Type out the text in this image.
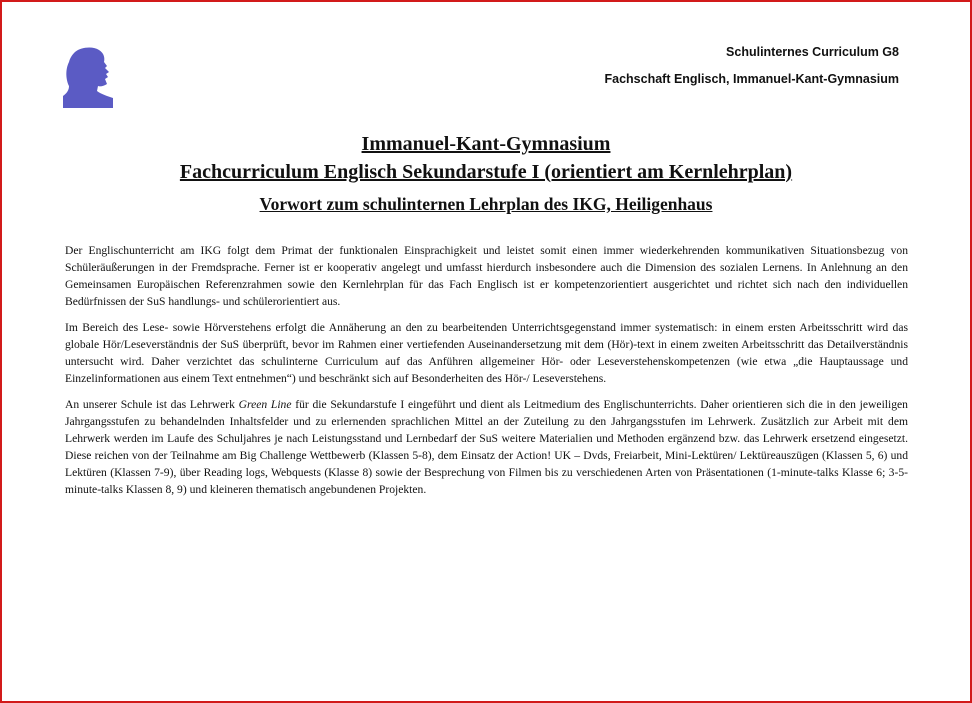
Schulinternes Curriculum G8
Fachschaft Englisch, Immanuel-Kant-Gymnasium
Immanuel-Kant-Gymnasium
Fachcurriculum Englisch Sekundarstufe I (orientiert am Kernlehrplan)
Vorwort zum schulinternen Lehrplan des IKG, Heiligenhaus

Der Englischunterricht am IKG folgt dem Primat der funktionalen Einsprachigkeit und leistet somit einen immer wiederkehrenden kommunikativen Situationsbezug von Schüleräußerungen in der Fremdsprache. Ferner ist er kooperativ angelegt und umfasst hierdurch insbesondere auch die Dimension des sozialen Lernens. In Anlehnung an den Gemeinsamen Europäischen Referenzrahmen sowie den Kernlehrplan für das Fach Englisch ist er kompetenzorientiert ausgerichtet und richtet sich nach den individuellen Bedürfnissen der SuS handlungs- und schülerorientiert aus.

Im Bereich des Lese- sowie Hörverstehens erfolgt die Annäherung an den zu bearbeitenden Unterrichtsgegenstand immer systematisch: in einem ersten Arbeitsschritt wird das globale Hör/Leseverständnis der SuS überprüft, bevor im Rahmen einer vertiefenden Auseinandersetzung mit dem (Hör)-text in einem zweiten Arbeitsschritt das Detailverständnis untersucht wird. Daher verzichtet das schulinterne Curriculum auf das Anführen allgemeiner Hör- oder Leseverstehenskompetenzen (wie etwa „die Hauptaussage und Einzelinformationen aus einem Text entnehmen“) und beschränkt sich auf Besonderheiten des Hör-/ Leseverstehens.

An unserer Schule ist das Lehrwerk Green Line für die Sekundarstufe I eingeführt und dient als Leitmedium des Englischunterrichts. Daher orientieren sich die in den jeweiligen Jahrgangsstufen zu behandelnden Inhaltsfelder und zu erlernenden sprachlichen Mittel an der Zuteilung zu den Jahrgangsstufen im Lehrwerk. Zusätzlich zur Arbeit mit dem Lehrwerk werden im Laufe des Schuljahres je nach Leistungsstand und Lernbedarf der SuS weitere Materialien und Methoden ergänzend bzw. das Lehrwerk ersetzend eingesetzt. Diese reichen von der Teilnahme am Big Challenge Wettbewerb (Klassen 5-8), dem Einsatz der Action! UK – Dvds, Freiarbeit, Mini-Lektüren/ Lektüreauszügen (Klassen 5, 6) und Lektüren (Klassen 7-9), über Reading logs, Webquests (Klasse 8) sowie der Besprechung von Filmen bis zu verschiedenen Arten von Präsentationen (1-minute-talks Klasse 6; 3-5-minute-talks Klassen 8, 9) und kleineren thematisch angebundenen Projekten.
